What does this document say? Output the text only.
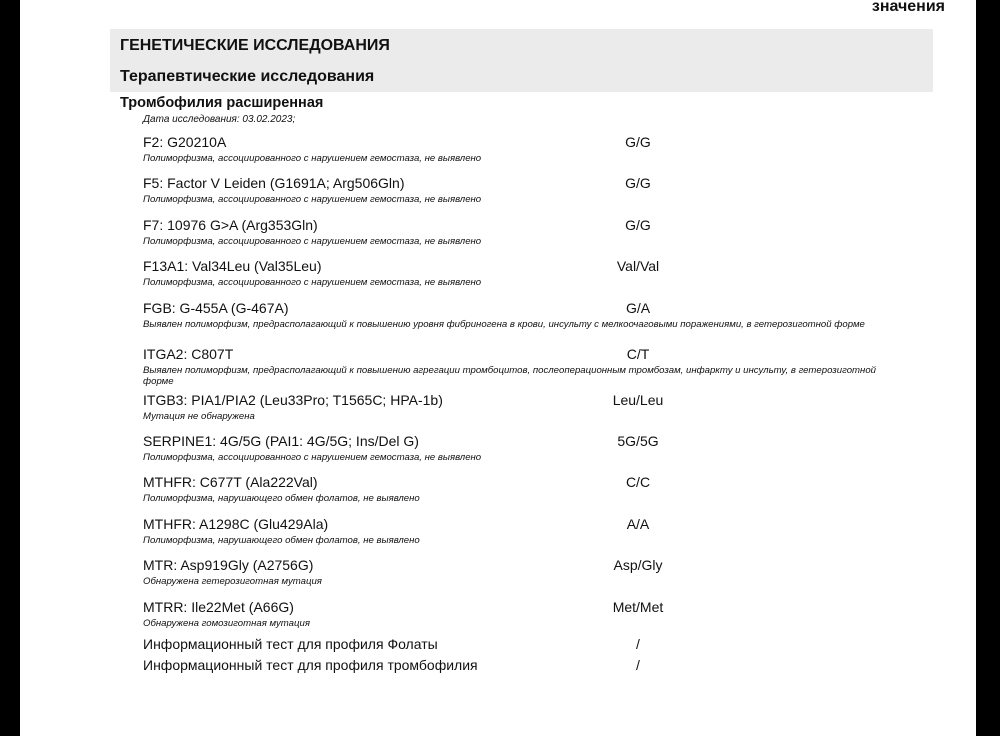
значения
ГЕНЕТИЧЕСКИЕ ИССЛЕДОВАНИЯ
Терапевтические исследования
Тромбофилия расширенная
Дата исследования: 03.02.2023;
F2: G20210A	G/G
Полиморфизма, ассоциированного с нарушением гемостаза, не выявлено
F5: Factor V Leiden (G1691A; Arg506Gln)	G/G
Полиморфизма, ассоциированного с нарушением гемостаза, не выявлено
F7: 10976 G>A (Arg353Gln)	G/G
Полиморфизма, ассоциированного с нарушением гемостаза, не выявлено
F13A1: Val34Leu (Val35Leu)	Val/Val
Полиморфизма, ассоциированного с нарушением гемостаза, не выявлено
FGB: G-455A (G-467A)	G/A
Выявлен полиморфизм, предрасполагающий к повышению уровня фибриногена в крови, инсульту с мелкоочаговыми поражениями, в гетерозиготной форме
ITGA2: C807T	C/T
Выявлен полиморфизм, предрасполагающий к повышению агрегации тромбоцитов, послеоперационным тромбозам, инфаркту и инсульту, в гетерозиготной форме
ITGB3: PIA1/PIA2 (Leu33Pro; T1565C; HPA-1b)	Leu/Leu
Мутация не обнаружена
SERPINE1: 4G/5G (PAI1: 4G/5G; Ins/Del G)	5G/5G
Полиморфизма, ассоциированного с нарушением гемостаза, не выявлено
MTHFR: C677T (Ala222Val)	C/C
Полиморфизма, нарушающего обмен фолатов, не выявлено
MTHFR: A1298C (Glu429Ala)	A/A
Полиморфизма, нарушающего обмен фолатов, не выявлено
MTR: Asp919Gly (A2756G)	Asp/Gly
Обнаружена гетерозиготная мутация
MTRR: Ile22Met (A66G)	Met/Met
Обнаружена гомозиготная мутация
Информационный тест для профиля Фолаты	/
Информационный тест для профиля тромбофилия	/
